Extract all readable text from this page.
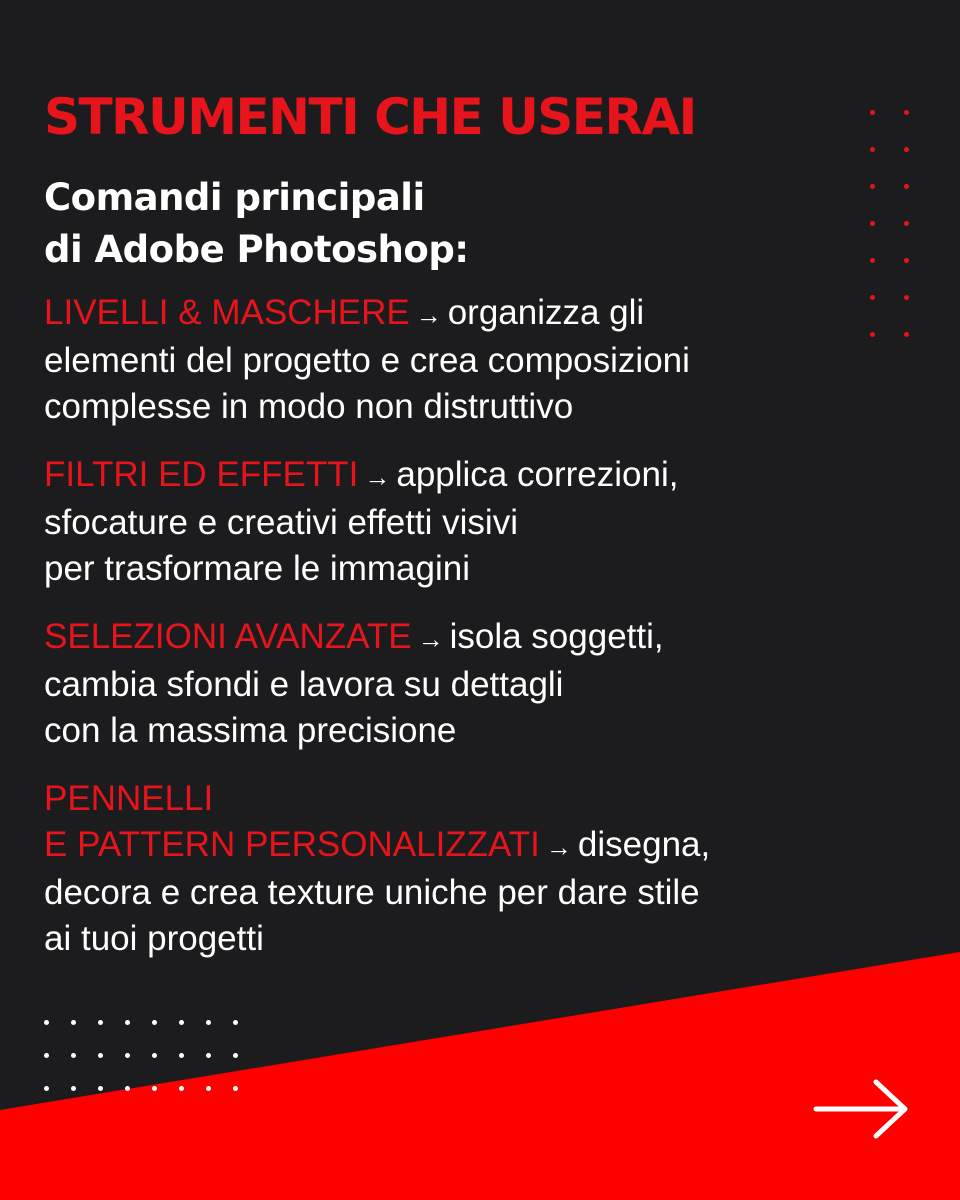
STRUMENTI CHE USERAI
Comandi principali
di Adobe Photoshop:
LIVELLI & MASCHERE → organizza gli
elementi del progetto e crea composizioni
complesse in modo non distruttivo
FILTRI ED EFFETTI → applica correzioni,
sfocature e creativi effetti visivi
per trasformare le immagini
SELEZIONI AVANZATE → isola soggetti,
cambia sfondi e lavora su dettagli
con la massima precisione
PENNELLI
E PATTERN PERSONALIZZATI → disegna,
decora e crea texture uniche per dare stile
ai tuoi progetti
